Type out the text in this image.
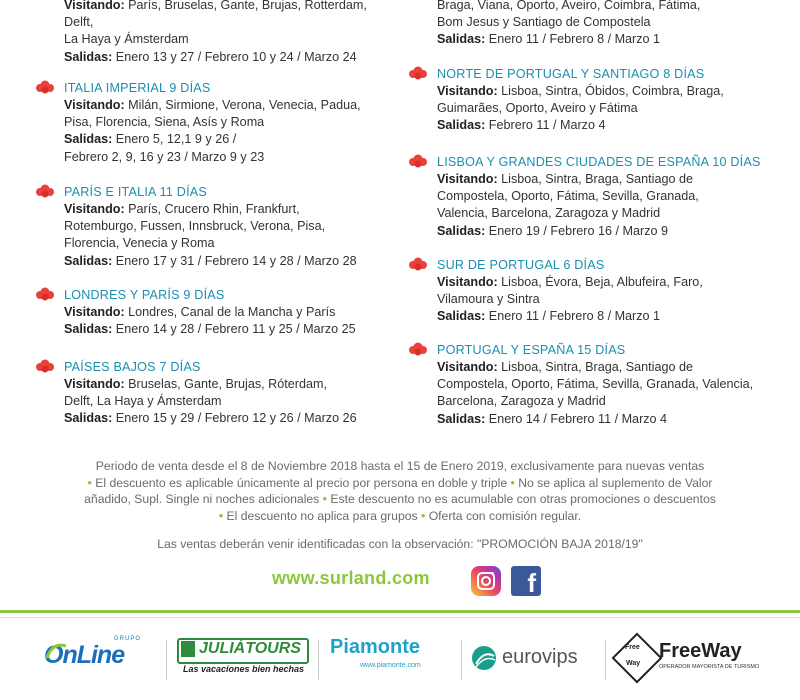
Visitando: París, Bruselas, Gante, Brujas, Rotterdam,
Delft,
La Haya y Ámsterdam
Salidas: Enero 13 y 27 / Febrero 10 y 24 / Marzo 24
ITALIA IMPERIAL 9 DÍAS
Visitando: Milán, Sirmione, Verona, Venecia, Padua,
Pisa, Florencia, Siena, Asís y Roma
Salidas: Enero 5, 12,1 9 y 26 /
Febrero 2, 9, 16 y 23 / Marzo 9 y 23
PARÍS E ITALIA 11 DÍAS
Visitando: París, Crucero Rhin, Frankfurt,
Rotemburgo, Fussen, Innsbruck, Verona, Pisa,
Florencia, Venecia y Roma
Salidas: Enero 17 y 31 / Febrero 14 y 28 / Marzo 28
LONDRES Y PARÍS 9 DÍAS
Visitando: Londres, Canal de la Mancha y París
Salidas: Enero 14 y 28 / Febrero 11 y 25 / Marzo 25
PAÍSES BAJOS 7 DÍAS
Visitando: Bruselas, Gante, Brujas, Róterdam,
Delft, La Haya y Ámsterdam
Salidas: Enero 15 y 29 / Febrero 12 y 26 / Marzo 26
Braga, Viana, Oporto, Aveiro, Coimbra, Fátima,
Bom Jesus y Santiago de Compostela
Salidas: Enero 11 / Febrero 8 / Marzo 1
NORTE DE PORTUGAL Y SANTIAGO 8 DÍAS
Visitando: Lisboa, Sintra, Óbidos, Coimbra, Braga,
Guimarães, Oporto, Aveiro y Fátima
Salidas: Febrero 11 / Marzo 4
LISBOA Y GRANDES CIUDADES DE ESPAÑA 10 DÍAS
Visitando: Lisboa, Sintra, Braga, Santiago de
Compostela, Oporto, Fátima, Sevilla, Granada,
Valencia, Barcelona, Zaragoza y Madrid
Salidas: Enero 19 / Febrero 16 / Marzo 9
SUR DE PORTUGAL 6 DÍAS
Visitando: Lisboa, Évora, Beja, Albufeira, Faro,
Vilamoura y Sintra
Salidas: Enero 11 / Febrero 8 / Marzo 1
PORTUGAL Y ESPAÑA 15 DÍAS
Visitando: Lisboa, Sintra, Braga, Santiago de
Compostela, Oporto, Fátima, Sevilla, Granada, Valencia,
Barcelona, Zaragoza y Madrid
Salidas: Enero 14 / Febrero 11 / Marzo 4
Periodo de venta desde el 8 de Noviembre 2018 hasta el 15 de Enero 2019, exclusivamente para nuevas ventas
• El descuento es aplicable únicamente al precio por persona en doble y triple • No se aplica al suplemento de Valor
añadido, Supl. Single ni noches adicionales • Este descuento no es acumulable con otras promociones o descuentos
• El descuento no aplica para grupos • Oferta con comisión regular.
Las ventas deberán venir identificadas con la observación: "PROMOCIÓN BAJA 2018/19"
www.surland.com	f
GRUPO
OnLine	JULIÁTOURS
Las vacaciones bien hechas
Piamonte
www.piamonte.com	eurovips	Free
Way
FreeWay
OPERADOR MAYORISTA DE TURISMO
